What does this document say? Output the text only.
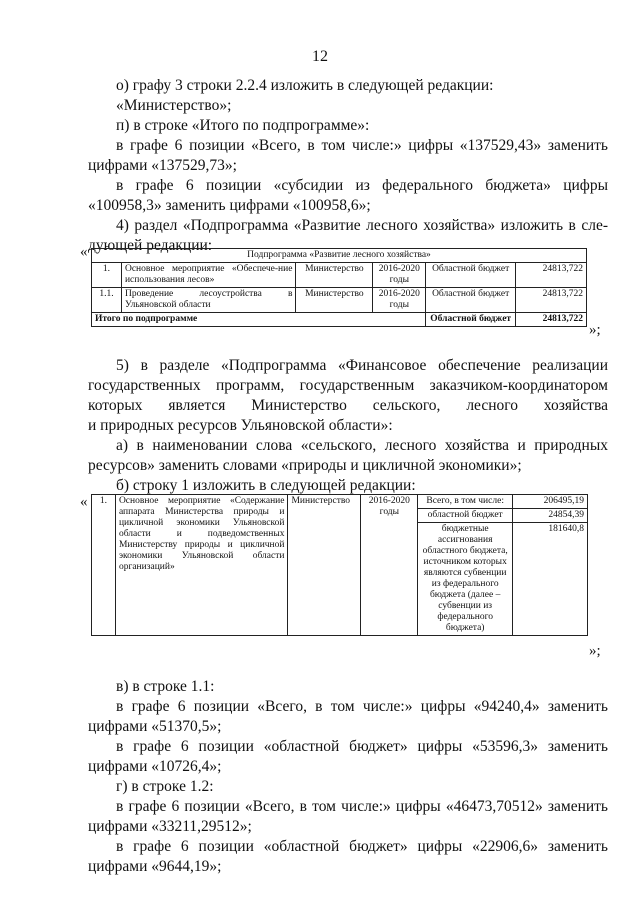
12
о) графу 3 строки 2.2.4 изложить в следующей редакции:
«Министерство»;
п) в строке «Итого по подпрограмме»:
в графе 6 позиции «Всего, в том числе:» цифры «137529,43» заменить
цифрами «137529,73»;
в графе 6 позиции «субсидии из федерального бюджета» цифры
«100958,3» заменить цифрами «100958,6»;
4) раздел «Подпрограмма «Развитие лесного хозяйства» изложить в сле-
дующей редакции:
«	Подпрограмма «Развитие лесного хозяйства»					
1.	Основное мероприятие «Обеспече-ние использования лесов»	Министерство	2016-2020 годы	Областной бюджет	24813,722
1.1.	Проведение лесоустройства в Ульяновской области	Министерство	2016-2020 годы	Областной бюджет	24813,722
Итого по подпрограмме				Областной бюджет	24813,722
»;
5) в разделе «Подпрограмма «Финансовое обеспечение реализации
государственных программ, государственным заказчиком-координатором
которых является Министерство сельского, лесного хозяйства
и природных ресурсов Ульяновской области»:
а) в наименовании слова «сельского, лесного хозяйства и природных
ресурсов» заменить словами «природы и цикличной экономики»;
б) строку 1 изложить в следующей редакции:
« 1.	Основное мероприятие «Содержание аппарата Министерства природы и цикличной экономики Ульяновской области и подведомственных Министерству природы и цикличной экономики Ульяновской области организаций»	Министерство	2016-2020 годы	Всего, в том числе:	206495,19
				областной бюджет	24854,39
				бюджетные ассигнования областного бюджета, источником которых являются субвенции из федерального бюджета (далее – субвенции из федерального бюджета)	181640,8
»;
в) в строке 1.1:
в графе 6 позиции «Всего, в том числе:» цифры «94240,4» заменить
цифрами «51370,5»;
в графе 6 позиции «областной бюджет» цифры «53596,3» заменить
цифрами «10726,4»;
г) в строке 1.2:
в графе 6 позиции «Всего, в том числе:» цифры «46473,70512» заменить
цифрами «33211,29512»;
в графе 6 позиции «областной бюджет» цифры «22906,6» заменить
цифрами «9644,19»;
